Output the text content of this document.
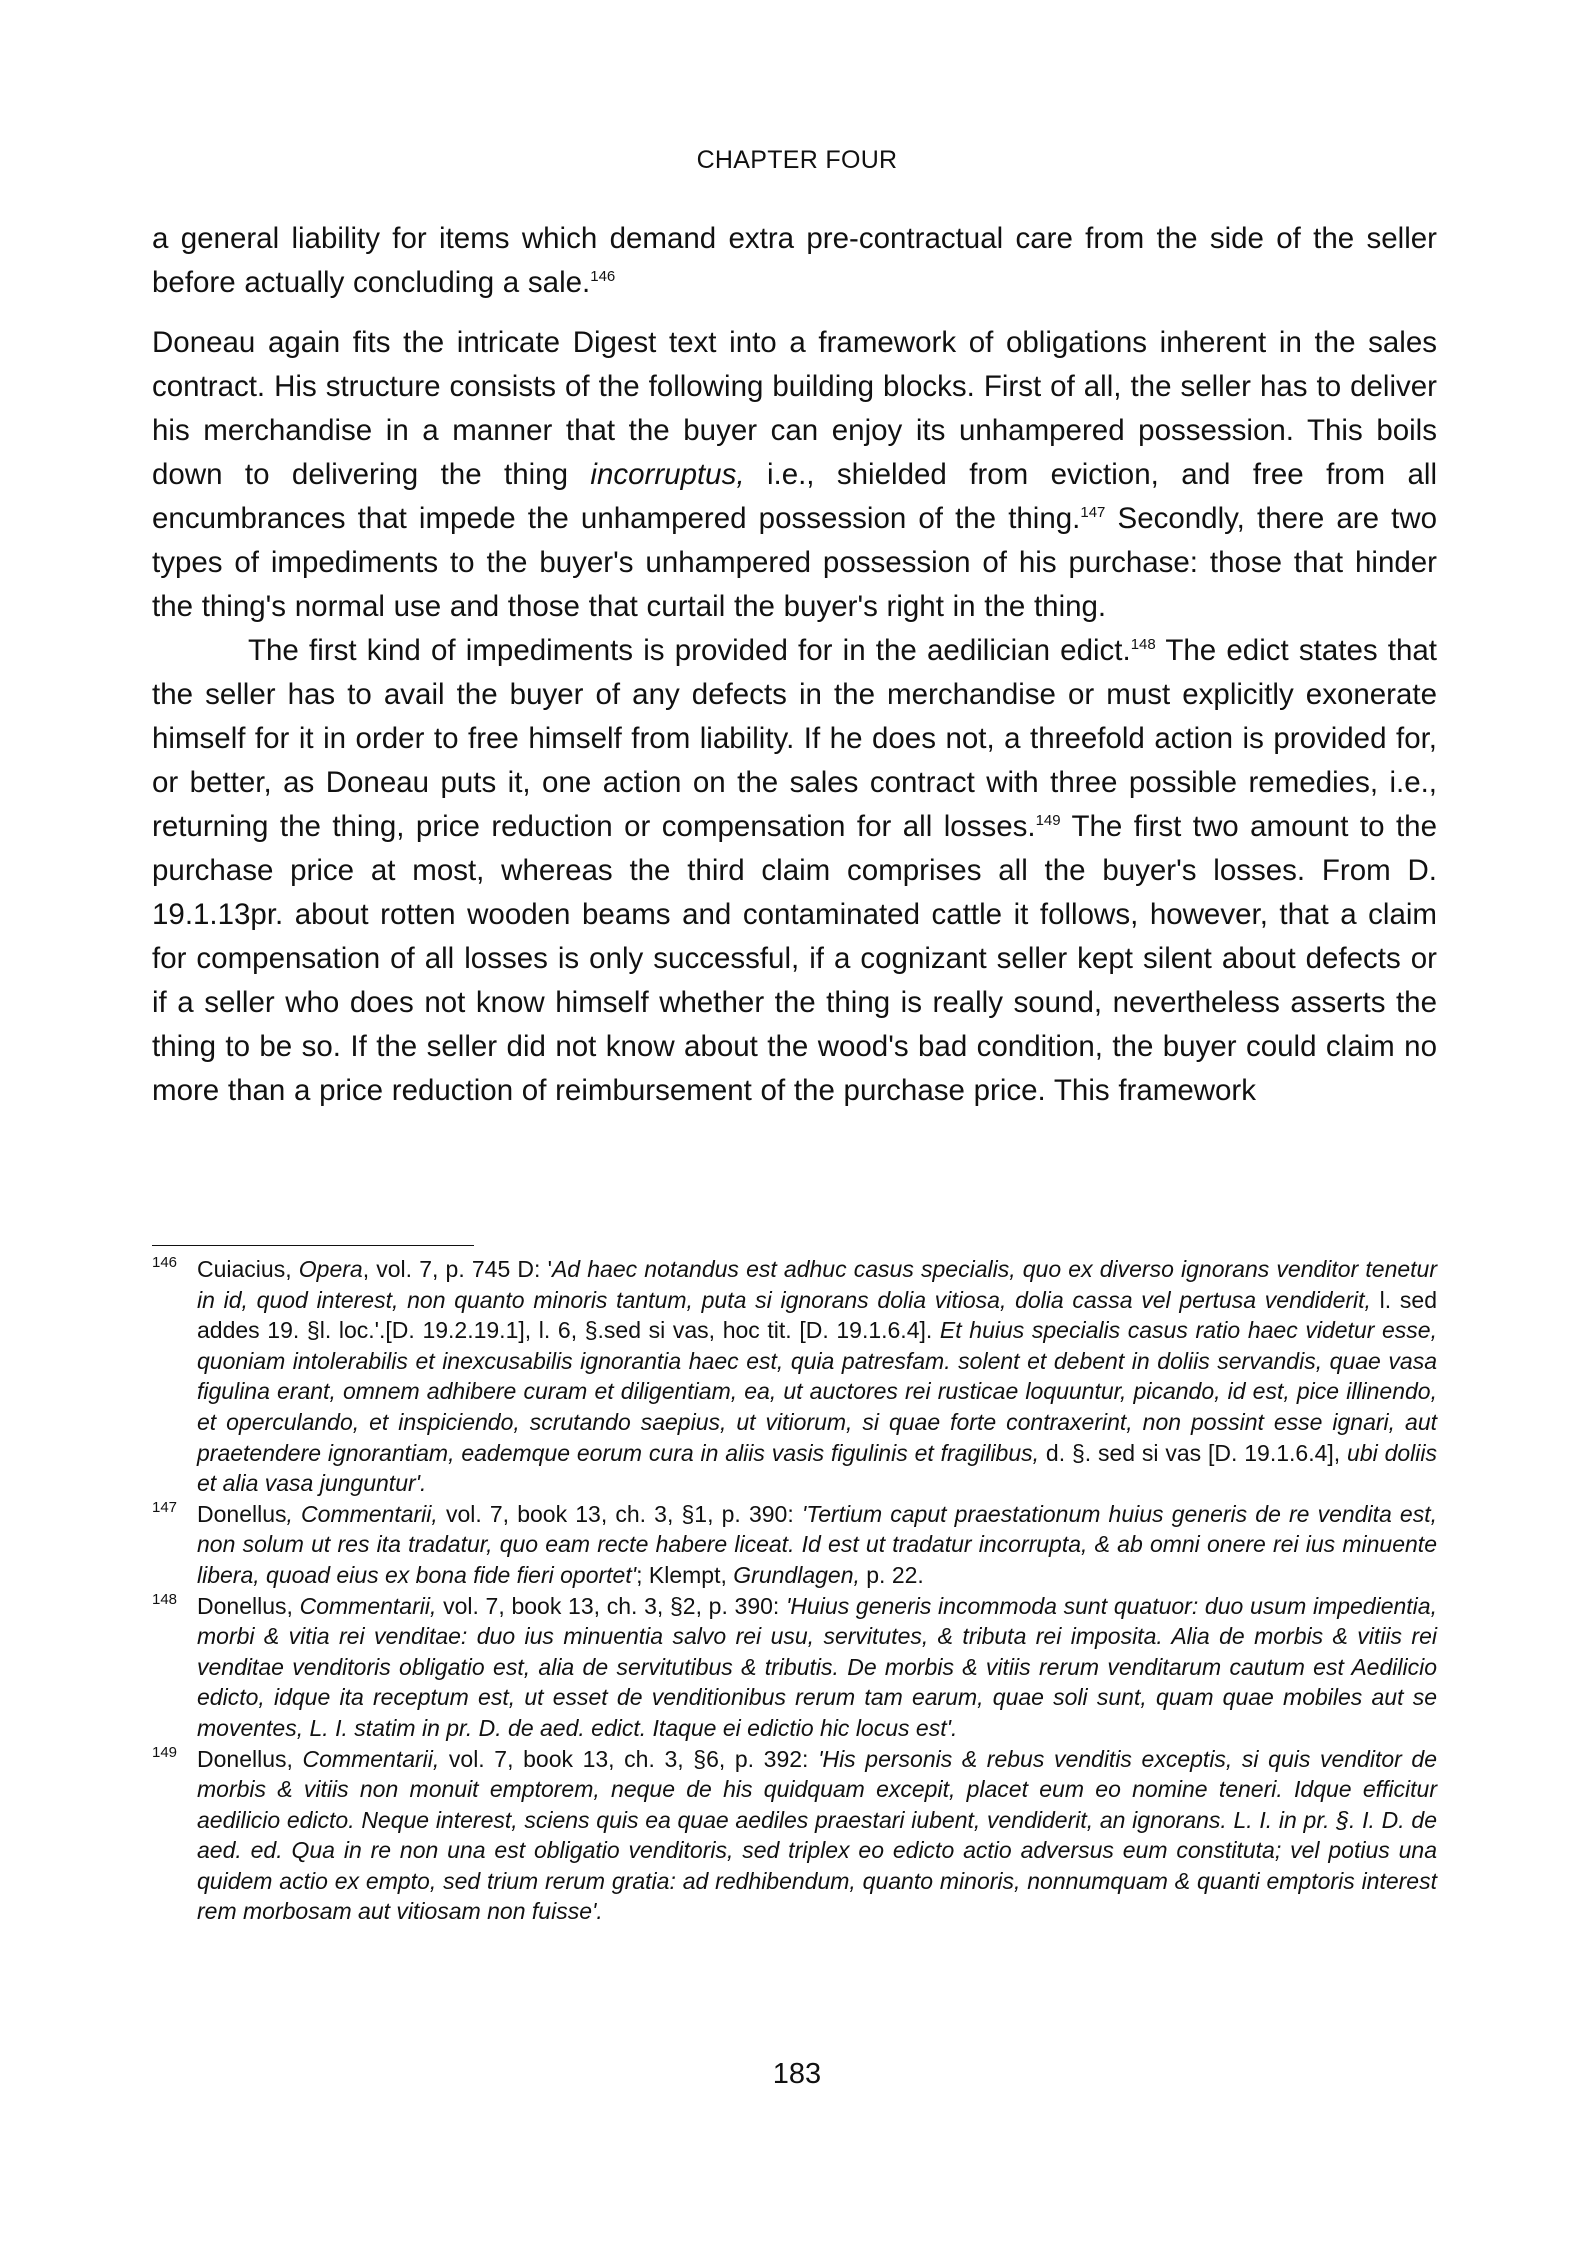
CHAPTER FOUR

a general liability for items which demand extra pre-contractual care from the side of the seller before actually concluding a sale.$^{146}$

Doneau again fits the intricate Digest text into a framework of obligations inherent in the sales contract. His structure consists of the following building blocks. First of all, the seller has to deliver his merchandise in a manner that the buyer can enjoy its unhampered possession. This boils down to delivering the thing incorruptus, i.e., shielded from eviction, and free from all encumbrances that impede the unhampered possession of the thing.$^{147}$ Secondly, there are two types of impediments to the buyer's unhampered possession of his purchase: those that hinder the thing's normal use and those that curtail the buyer's right in the thing.

The first kind of impediments is provided for in the aedilician edict.$^{148}$ The edict states that the seller has to avail the buyer of any defects in the merchandise or must explicitly exonerate himself for it in order to free himself from liability. If he does not, a threefold action is provided for, or better, as Doneau puts it, one action on the sales contract with three possible remedies, i.e., returning the thing, price reduction or compensation for all losses.$^{149}$ The first two amount to the purchase price at most, whereas the third claim comprises all the buyer's losses. From D. 19.1.13pr. about rotten wooden beams and contaminated cattle it follows, however, that a claim for compensation of all losses is only successful, if a cognizant seller kept silent about defects or if a seller who does not know himself whether the thing is really sound, nevertheless asserts the thing to be so. If the seller did not know about the wood's bad condition, the buyer could claim no more than a price reduction of reimbursement of the purchase price. This framework

146 Cuiacius, Opera, vol. 7, p. 745 D: 'Ad haec notandus est adhuc casus specialis, quo ex diverso ignorans venditor tenetur in id, quod interest, non quanto minoris tantum, puta si ignorans dolia vitiosa, dolia cassa vel pertusa vendiderit, l. sed addes 19. §l. loc.'.[D. 19.2.19.1], l. 6, §.sed si vas, hoc tit. [D. 19.1.6.4]. Et huius specialis casus ratio haec videtur esse, quoniam intolerabilis et inexcusabilis ignorantia haec est, quia patresfam. solent et debent in doliis servandis, quae vasa figulina erant, omnem adhibere curam et diligentiam, ea, ut auctores rei rusticae loquuntur, picando, id est, pice illinendo, et operculando, et inspiciendo, scrutando saepius, ut vitiorum, si quae forte contraxerint, non possint esse ignari, aut praetendere ignorantiam, eademque eorum cura in aliis vasis figulinis et fragilibus, d. §. sed si vas [D. 19.1.6.4], ubi doliis et alia vasa junguntur'.
147 Donellus, Commentarii, vol. 7, book 13, ch. 3, §1, p. 390: 'Tertium caput praestationum huius generis de re vendita est, non solum ut res ita tradatur, quo eam recte habere liceat. Id est ut tradatur incorrupta, & ab omni onere rei ius minuente libera, quoad eius ex bona fide fieri oportet'; Klempt, Grundlagen, p. 22.
148 Donellus, Commentarii, vol. 7, book 13, ch. 3, §2, p. 390: 'Huius generis incommoda sunt quatuor: duo usum impedientia, morbi & vitia rei venditae: duo ius minuentia salvo rei usu, servitutes, & tributa rei imposita. Alia de morbis & vitiis rei venditae venditoris obligatio est, alia de servitutibus & tributis. De morbis & vitiis rerum venditarum cautum est Aedilicio edicto, idque ita receptum est, ut esset de venditionibus rerum tam earum, quae soli sunt, quam quae mobiles aut se moventes, L. I. statim in pr. D. de aed. edict. Itaque ei edictio hic locus est'.
149 Donellus, Commentarii, vol. 7, book 13, ch. 3, §6, p. 392: 'His personis & rebus venditis exceptis, si quis venditor de morbis & vitiis non monuit emptorem, neque de his quidquam excepit, placet eum eo nomine teneri. Idque efficitur aedilicio edicto. Neque interest, sciens quis ea quae aediles praestari iubent, vendiderit, an ignorans. L. I. in pr. §. I. D. de aed. ed. Qua in re non una est obligatio venditoris, sed triplex eo edicto actio adversus eum constituta; vel potius una quidem actio ex empto, sed trium rerum gratia: ad redhibendum, quanto minoris, nonnumquam & quanti emptoris interest rem morbosam aut vitiosam non fuisse'.
183
